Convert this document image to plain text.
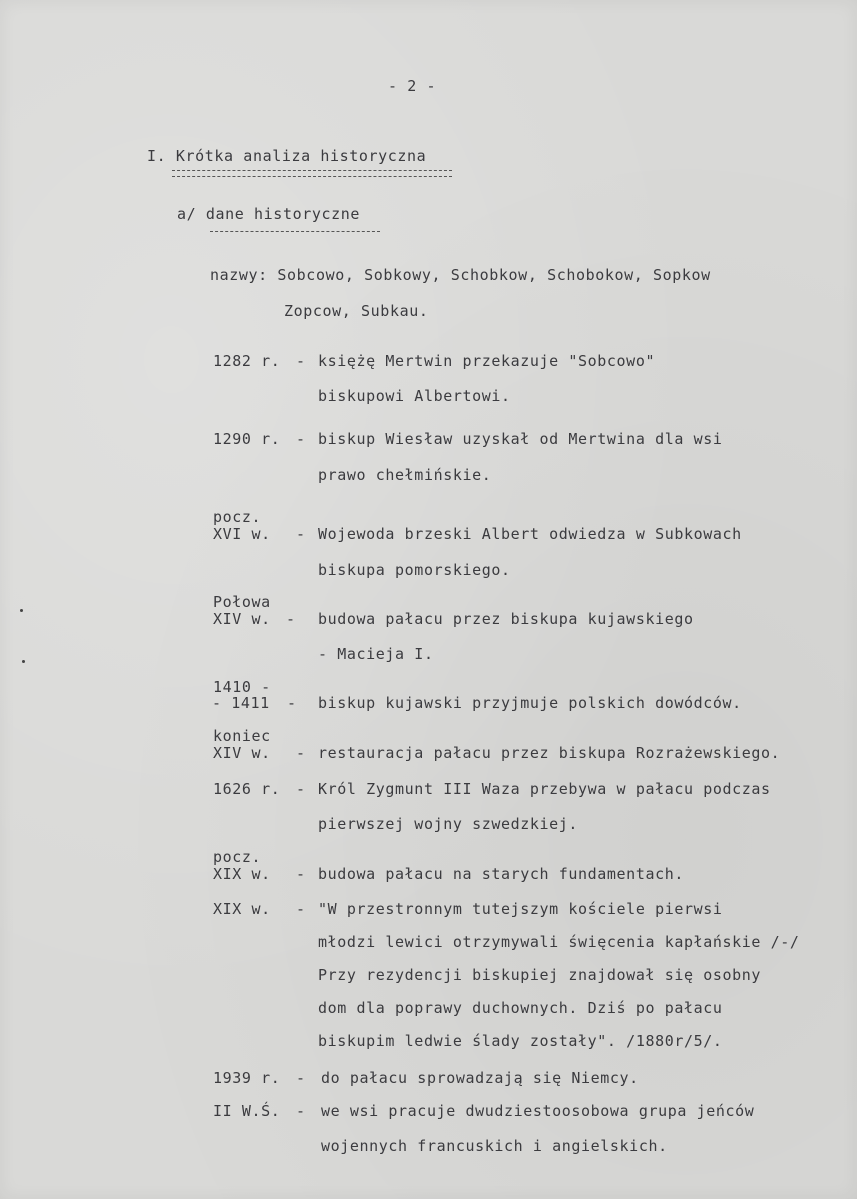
- 2 -
I. Krótka analiza historyczna
a/ dane historyczne
nazwy: Sobcowo, Sobkowy, Schobkow, Schobokow, Sopkow
Zopcow, Subkau.
1282 r. - księżę Mertwin przekazuje "Sobcowo"
biskupowi Albertowi.
1290 r. - biskup Wiesław uzyskał od Mertwina dla wsi
prawo chełmińskie.
pocz.
XVI w. - Wojewoda brzeski Albert odwiedza w Subkowach
biskupa pomorskiego.
Połowa
XIV w. - budowa pałacu przez biskupa kujawskiego
- Macieja I.
1410 -
- 1411 - biskup kujawski przyjmuje polskich dowódców.
koniec
XIV w. - restauracja pałacu przez biskupa Rozrażewskiego.
1626 r. - Król Zygmunt III Waza przebywa w pałacu podczas
pierwszej wojny szwedzkiej.
pocz.
XIX w. - budowa pałacu na starych fundamentach.
XIX w. - "W przestronnym tutejszym kościele pierwsi
młodzi lewici otrzymywali święcenia kapłańskie /-/
Przy rezydencji biskupiej znajdował się osobny
dom dla poprawy duchownych. Dziś po pałacu
biskupim ledwie ślady zostały". /1880r/5/.
1939 r. - do pałacu sprowadzają się Niemcy.
II W.Ś. - we wsi pracuje dwudziestoosobowa grupa jeńców
wojennych francuskich i angielskich.
